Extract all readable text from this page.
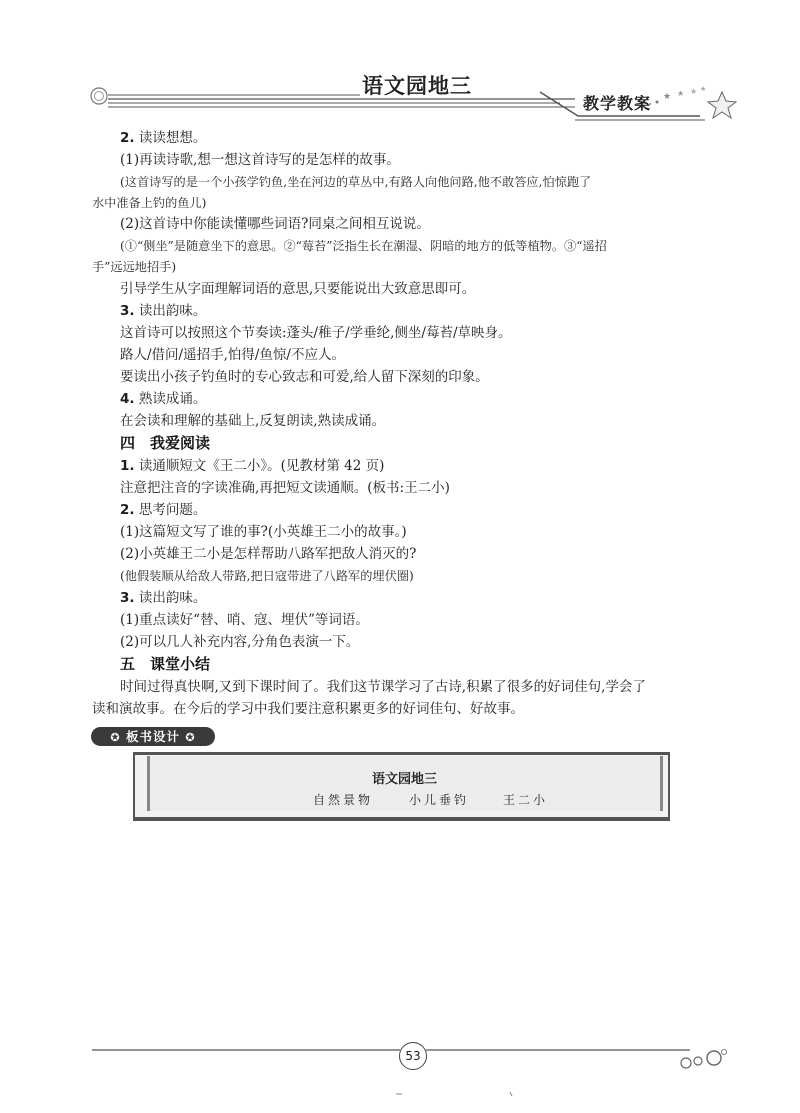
★ ★ ★ ★
语文园地三
教学教案
2. 读读想想。
(1)再读诗歌,想一想这首诗写的是怎样的故事。
(这首诗写的是一个小孩学钓鱼,坐在河边的草丛中,有路人向他问路,他不敢答应,怕惊跑了
水中准备上钓的鱼儿)
(2)这首诗中你能读懂哪些词语?同桌之间相互说说。
(①“侧坐”是随意坐下的意思。②“莓苔”泛指生长在潮湿、阴暗的地方的低等植物。③“遥招
手”远远地招手)
引导学生从字面理解词语的意思,只要能说出大致意思即可。
3. 读出韵味。
这首诗可以按照这个节奏读:蓬头/稚子/学垂纶,侧坐/莓苔/草映身。
路人/借问/遥招手,怕得/鱼惊/不应人。
要读出小孩子钓鱼时的专心致志和可爱,给人留下深刻的印象。
4. 熟读成诵。
在会读和理解的基础上,反复朗读,熟读成诵。
四　我爱阅读
1. 读通顺短文《王二小》。(见教材第 42 页)
注意把注音的字读准确,再把短文读通顺。(板书:王二小)
2. 思考问题。
(1)这篇短文写了谁的事?(小英雄王二小的故事。)
(2)小英雄王二小是怎样帮助八路军把敌人消灭的?
(他假装顺从给敌人带路,把日寇带进了八路军的埋伏圈)
3. 读出韵味。
(1)重点读好“替、哨、寇、埋伏”等词语。
(2)可以几人补充内容,分角色表演一下。
五　课堂小结
时间过得真快啊,又到下课时间了。我们这节课学习了古诗,积累了很多的好词佳句,学会了
读和演故事。在今后的学习中我们要注意积累更多的好词佳句、好故事。
✪ 板书设计 ✪
语文园地三
自然景物	小儿垂钓	王二小
53
